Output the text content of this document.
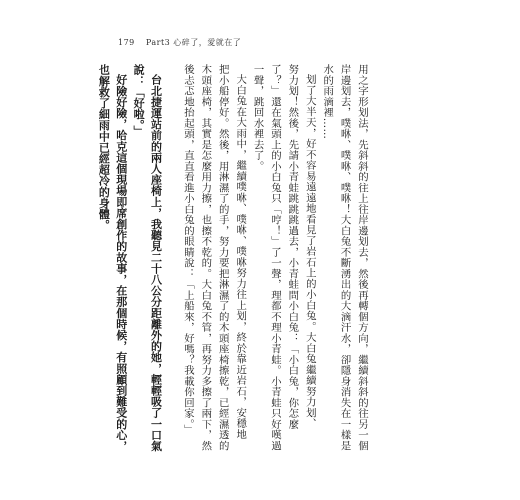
179 Part3 心碎了，愛就在了
用之字形划法，先斜斜的往上往岸邊划去，然後再轉個方向，繼續斜斜的往另一個
岸邊划去，噗咻、噗咻、噗咻！大白兔不斷湧出的大滴汗水，卻隱身消失在一樣是
水的雨滴裡……
划了大半天，好不容易遠遠地看見了岩石上的小白兔。大白兔繼續努力划、
努力划！然後，先請小青蛙跳跳跳過去，小青蛙問小白兔：「小白兔，你怎麼
了？」還在氣頭上的小白兔只「哼！」了一聲，理都不理小青蛙。小青蛙只好嘆過
一聲，跳回水裡去了。
大白兔在大雨中，繼續噗咻、噗咻、噗咻努力往上划，終於靠近岩石，安穩地
把小船停好。然後，用淋濕了的手，努力要把淋濕了的木頭座椅擦乾，已經濕透的
木頭座椅，其實是怎麼用力擦，也擦不乾的。大白兔不管，再努力多擦了兩下，然
後忐忑地抬起頭，直直看進小白兔的眼睛說：「上船來，好嗎？我載你回家。」
台北捷運站前的兩人座椅上，我聽見二十八公分距離外的她，輕輕吸了一口氣
說：「好啦。」
好險好險，哈克這個現場即席創作的故事，在那個時候，有照顧到難受的心，
也解救了細雨中已經超冷的身體。
